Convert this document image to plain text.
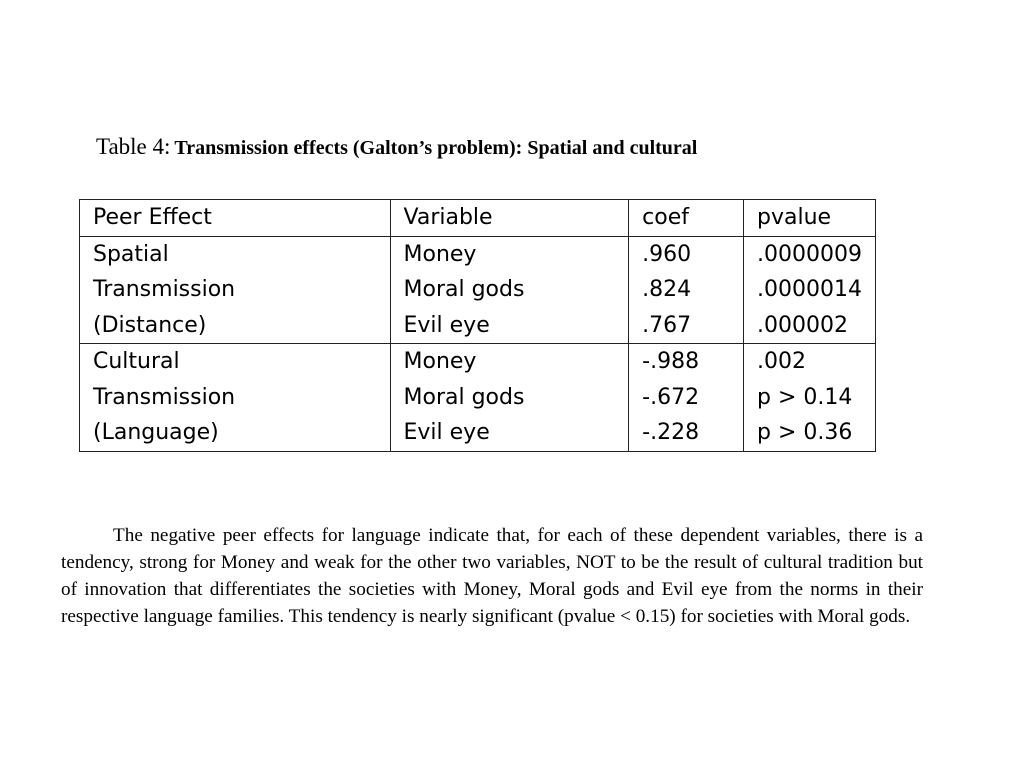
Table 4: Transmission effects (Galton’s problem): Spatial and cultural
Peer Effect	Variable	coef	pvalue
Spatial	Money	.960	.0000009
Transmission	Moral gods	.824	.0000014
(Distance)	Evil eye	.767	.000002
Cultural	Money	-.988	.002
Transmission	Moral gods	-.672	p > 0.14
(Language)	Evil eye	-.228	p > 0.36

The negative peer effects for language indicate that, for each of these dependent variables, there is a tendency, strong for Money and weak for the other two variables, NOT to be the result of cultural tradition but of innovation that differentiates the societies with Money, Moral gods and Evil eye from the norms in their respective language families. This tendency is nearly significant (pvalue < 0.15) for societies with Moral gods.
